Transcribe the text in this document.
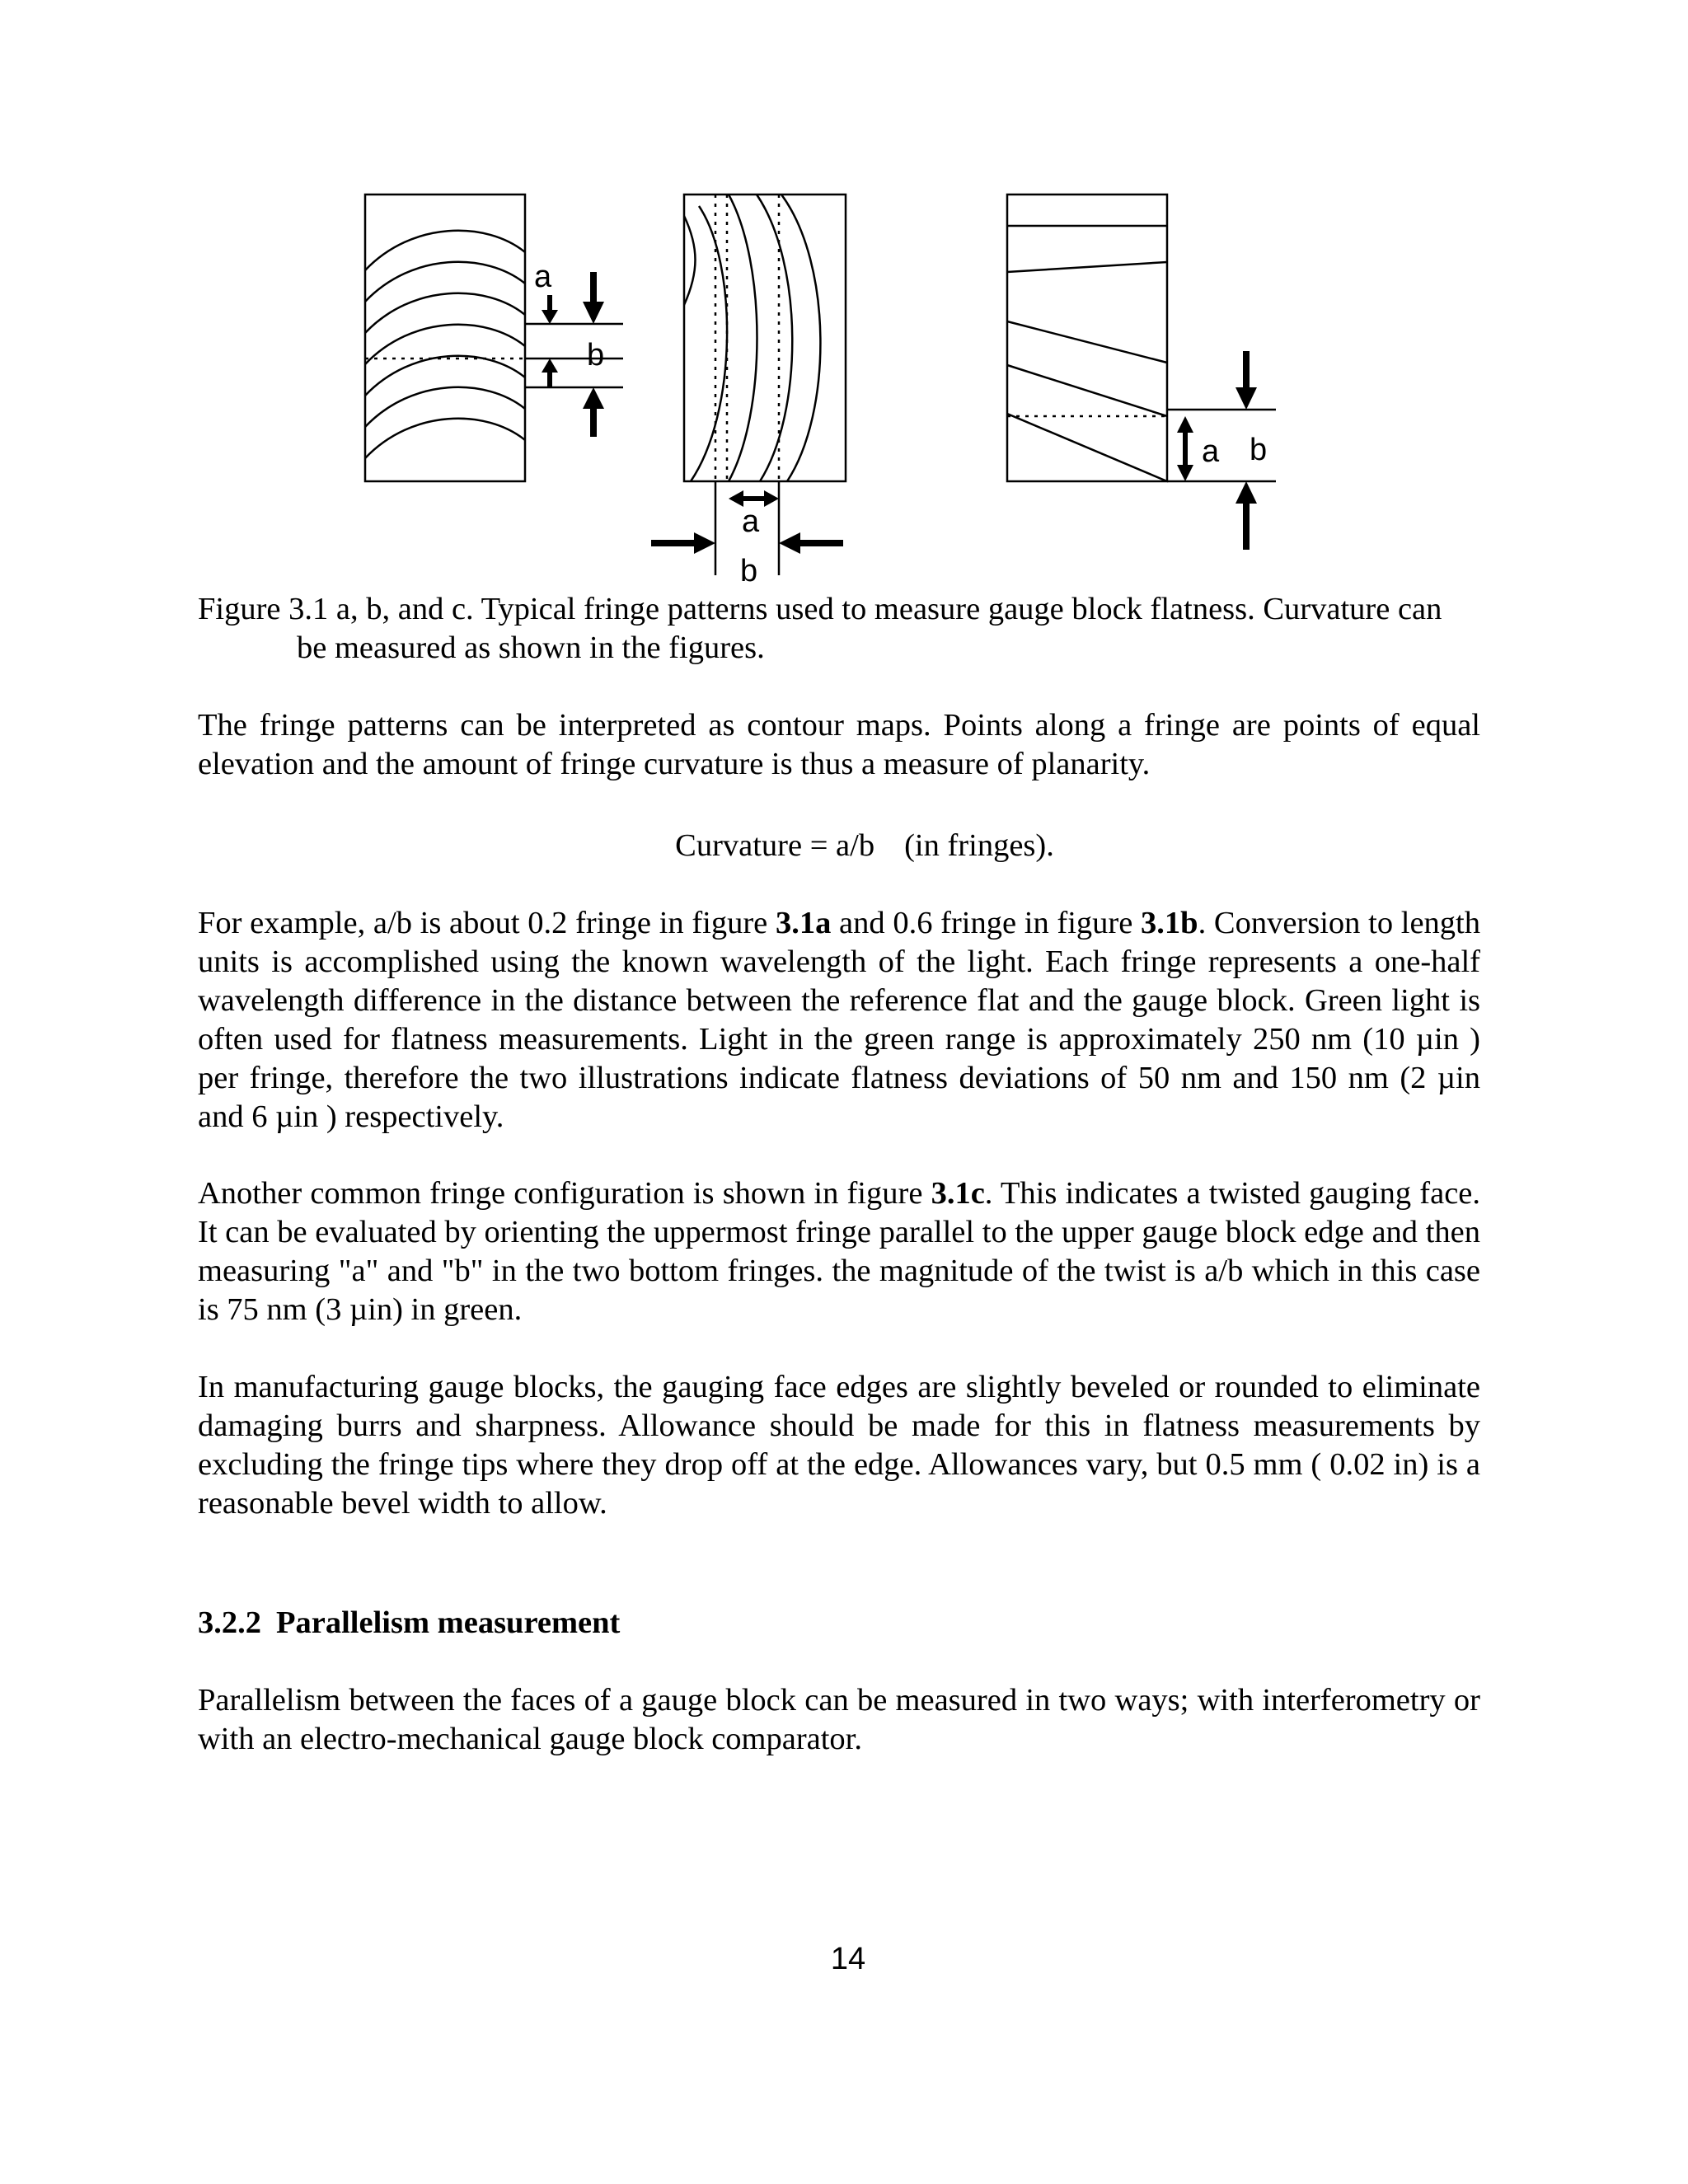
a
b
a
b
a b

Figure 3.1 a, b, and c. Typical fringe patterns used to measure gauge block flatness. Curvature can
be measured as shown in the figures.

The fringe patterns can be interpreted as contour maps. Points along a fringe are points of equal elevation and the amount of fringe curvature is thus a measure of planarity.

Curvature = a/b (in fringes).

For example, a/b is about 0.2 fringe in figure 3.1a and 0.6 fringe in figure 3.1b. Conversion to length units is accomplished using the known wavelength of the light. Each fringe represents a one-half wavelength difference in the distance between the reference flat and the gauge block. Green light is often used for flatness measurements. Light in the green range is approximately 250 nm (10 µin ) per fringe, therefore the two illustrations indicate flatness deviations of 50 nm and 150 nm (2 µin and 6 µin ) respectively.

Another common fringe configuration is shown in figure 3.1c. This indicates a twisted gauging face. It can be evaluated by orienting the uppermost fringe parallel to the upper gauge block edge and then measuring "a" and "b" in the two bottom fringes. the magnitude of the twist is a/b which in this case is 75 nm (3 µin) in green.

In manufacturing gauge blocks, the gauging face edges are slightly beveled or rounded to eliminate damaging burrs and sharpness. Allowance should be made for this in flatness measurements by excluding the fringe tips where they drop off at the edge. Allowances vary, but 0.5 mm ( 0.02 in) is a reasonable bevel width to allow.

3.2.2 Parallelism measurement

Parallelism between the faces of a gauge block can be measured in two ways; with interferometry or with an electro-mechanical gauge block comparator.

14
